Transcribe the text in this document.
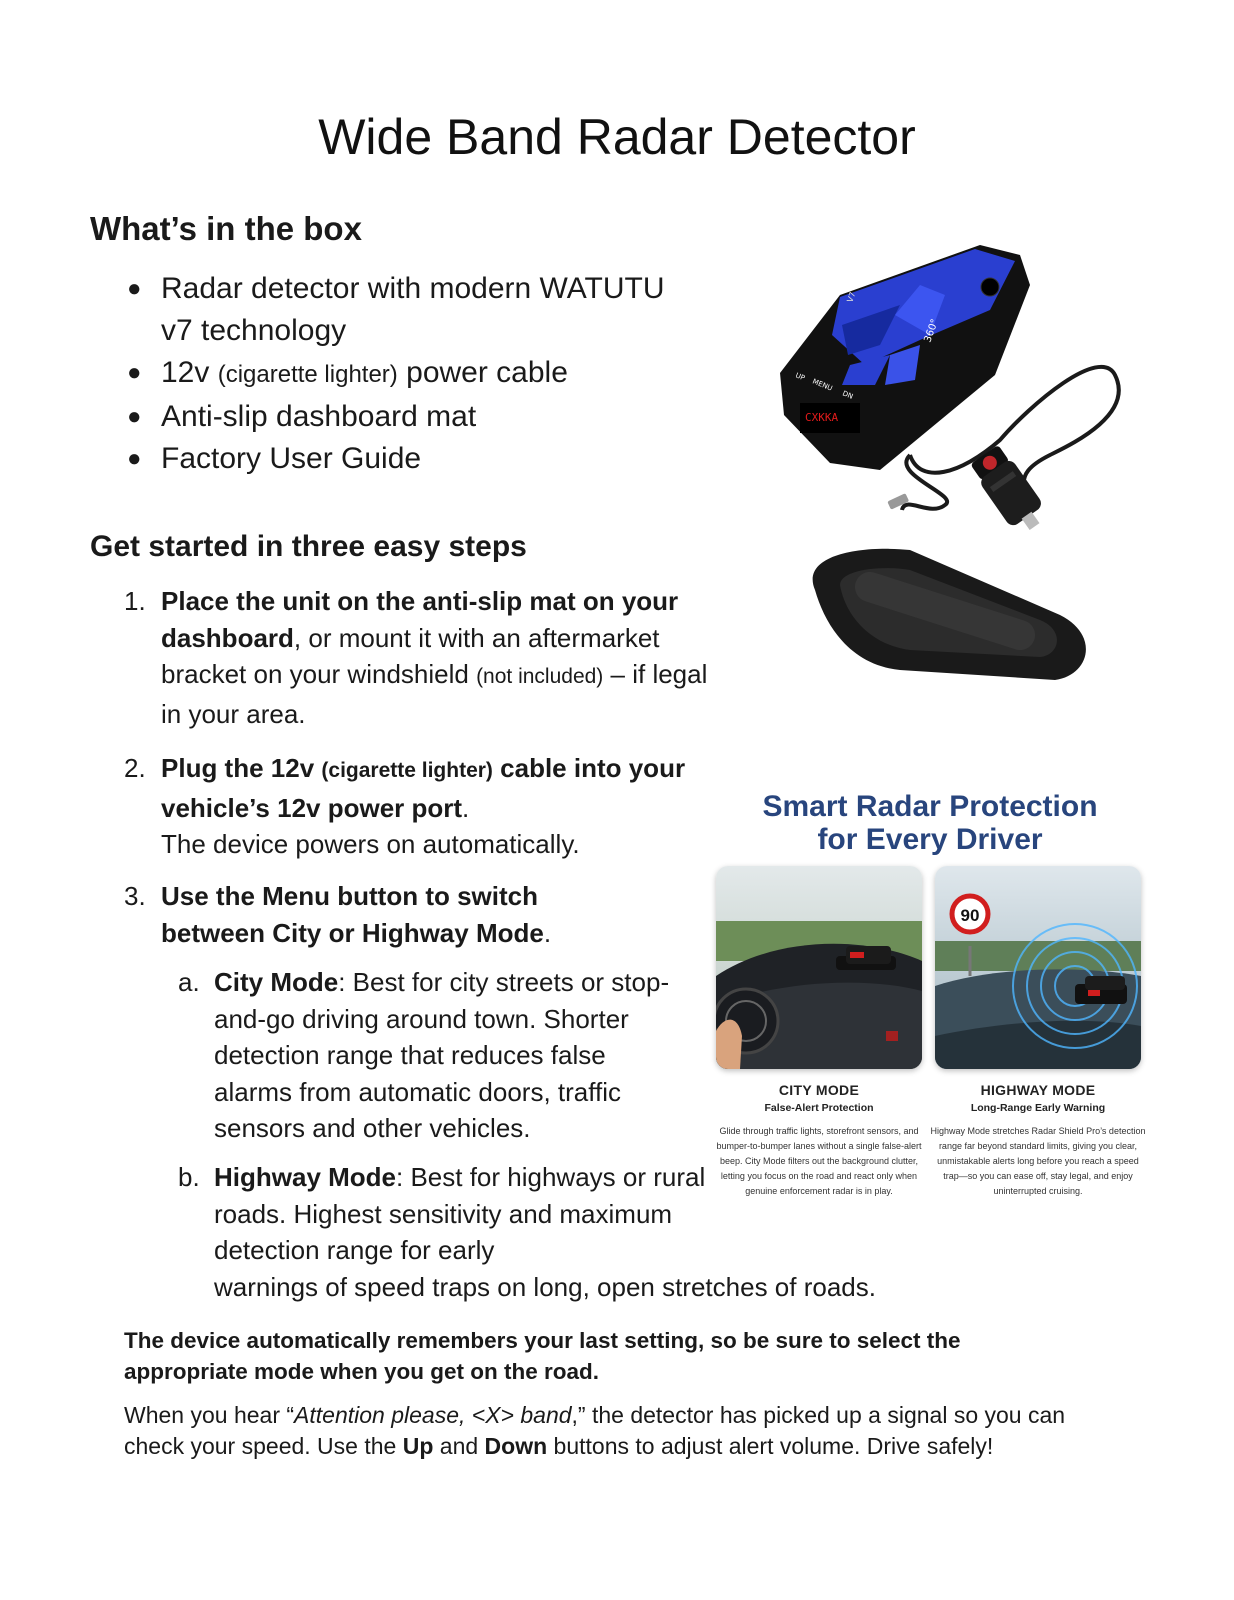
Wide Band Radar Detector
What’s in the box
● Radar detector with modern WATUTU v7 technology
● 12v (cigarette lighter) power cable
● Anti-slip dashboard mat
● Factory User Guide
Get started in three easy steps
1. Place the unit on the anti-slip mat on your dashboard, or mount it with an aftermarket bracket on your windshield (not included) – if legal in your area.
2. Plug the 12v (cigarette lighter) cable into your vehicle’s 12v power port.
The device powers on automatically.
3. Use the Menu button to switch between City or Highway Mode.
a. City Mode: Best for city streets or stop-and-go driving around town. Shorter detection range that reduces false alarms from automatic doors, traffic sensors and other vehicles.
b. Highway Mode: Best for highways or rural roads. Highest sensitivity and maximum detection range for early
warnings of speed traps on long, open stretches of roads.
The device automatically remembers your last setting, so be sure to select the appropriate mode when you get on the road.
When you hear “Attention please, <X> band,” the detector has picked up a signal so you can check your speed. Use the Up and Down buttons to adjust alert volume. Drive safely!
CXKKA
UP
MENU
DN
360°
V7
Smart Radar Protection
for Every Driver
90
CITY MODE
False-Alert Protection
Glide through traffic lights, storefront sensors, and bumper-to-bumper lanes without a single false-alert beep. City Mode filters out the background clutter, letting you focus on the road and react only when genuine enforcement radar is in play.
HIGHWAY MODE
Long-Range Early Warning
Highway Mode stretches Radar Shield Pro’s detection range far beyond standard limits, giving you clear, unmistakable alerts long before you reach a speed trap—so you can ease off, stay legal, and enjoy uninterrupted cruising.
